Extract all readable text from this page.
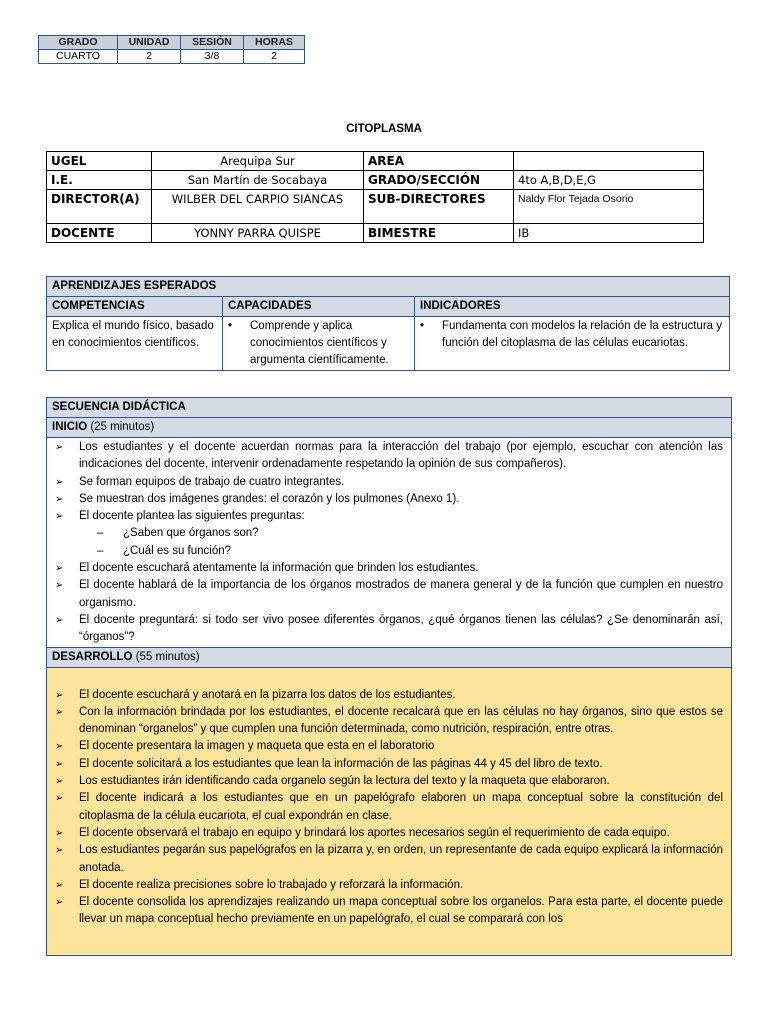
GRADO	UNIDAD	SESIÓN	HORAS
CUARTO	2	3/8	2
CITOPLASMA
UGEL	Arequipa Sur	AREA	
I.E.	San Martín de Socabaya	GRADO/SECCIÓN	4to A,B,D,E,G
DIRECTOR(A)	WILBER DEL CARPIO SIANCAS	SUB-DIRECTORES	Naldy Flor Tejada Osorio
DOCENTE	YONNY PARRA QUISPE	BIMESTRE	IB
APRENDIZAJES ESPERADOS		
COMPETENCIAS	CAPACIDADES	INDICADORES
Explica el mundo físico, basado en conocimientos científicos.	• Comprende y aplica conocimientos científicos y argumenta científicamente.	• Fundamenta con modelos la relación de la estructura y función del citoplasma de las células eucariotas.
SECUENCIA DIDÁCTICA
INICIO (25 minutos)
➢	Los estudiantes y el docente acuerdan normas para la interacción del trabajo (por ejemplo, escuchar con atención las indicaciones del docente, intervenir ordenadamente respetando la opinión de sus compañeros).
➢	Se forman equipos de trabajo de cuatro integrantes.
➢	Se muestran dos imágenes grandes: el corazón y los pulmones (Anexo 1).
➢	El docente plantea las siguientes preguntas:
–	¿Saben que órganos son?
–	¿Cuál es su función?
➢	El docente escuchará atentamente la información que brinden los estudiantes.
➢	El docente hablará de la importancia de los órganos mostrados de manera general y de la función que cumplen en nuestro organismo.
➢	El docente preguntará: si todo ser vivo posee diferentes órganos, ¿qué órganos tienen las células? ¿Se denominarán así, “órganos”?
DESARROLLO (55 minutos)
➢	El docente escuchará y anotará en la pizarra los datos de los estudiantes.
➢	Con la información brindada por los estudiantes, el docente recalcará que en las células no hay órganos, sino que estos se denominan “organelos” y que cumplen una función determinada, como nutrición, respiración, entre otras.
➢	El docente presentara la imagen y maqueta que esta en el laboratorio
➢	El docente solicitará a los estudiantes que lean la información de las páginas 44 y 45 del libro de texto.
➢	Los estudiantes irán identificando cada organelo según la lectura del texto y la maqueta que elaboraron.
➢	El docente indicará a los estudiantes que en un papelógrafo elaboren un mapa conceptual sobre la constitución del citoplasma de la célula eucariota, el cual expondrán en clase.
➢	El docente observará el trabajo en equipo y brindará los aportes necesarios según el requerimiento de cada equipo.
➢	Los estudiantes pegarán sus papelógrafos en la pizarra y, en orden, un representante de cada equipo explicará la información anotada.
➢	El docente realiza precisiones sobre lo trabajado y reforzará la información.
➢	El docente consolida los aprendizajes realizando un mapa conceptual sobre los organelos. Para esta parte, el docente puede llevar un mapa conceptual hecho previamente en un papelógrafo, el cual se comparará con los
